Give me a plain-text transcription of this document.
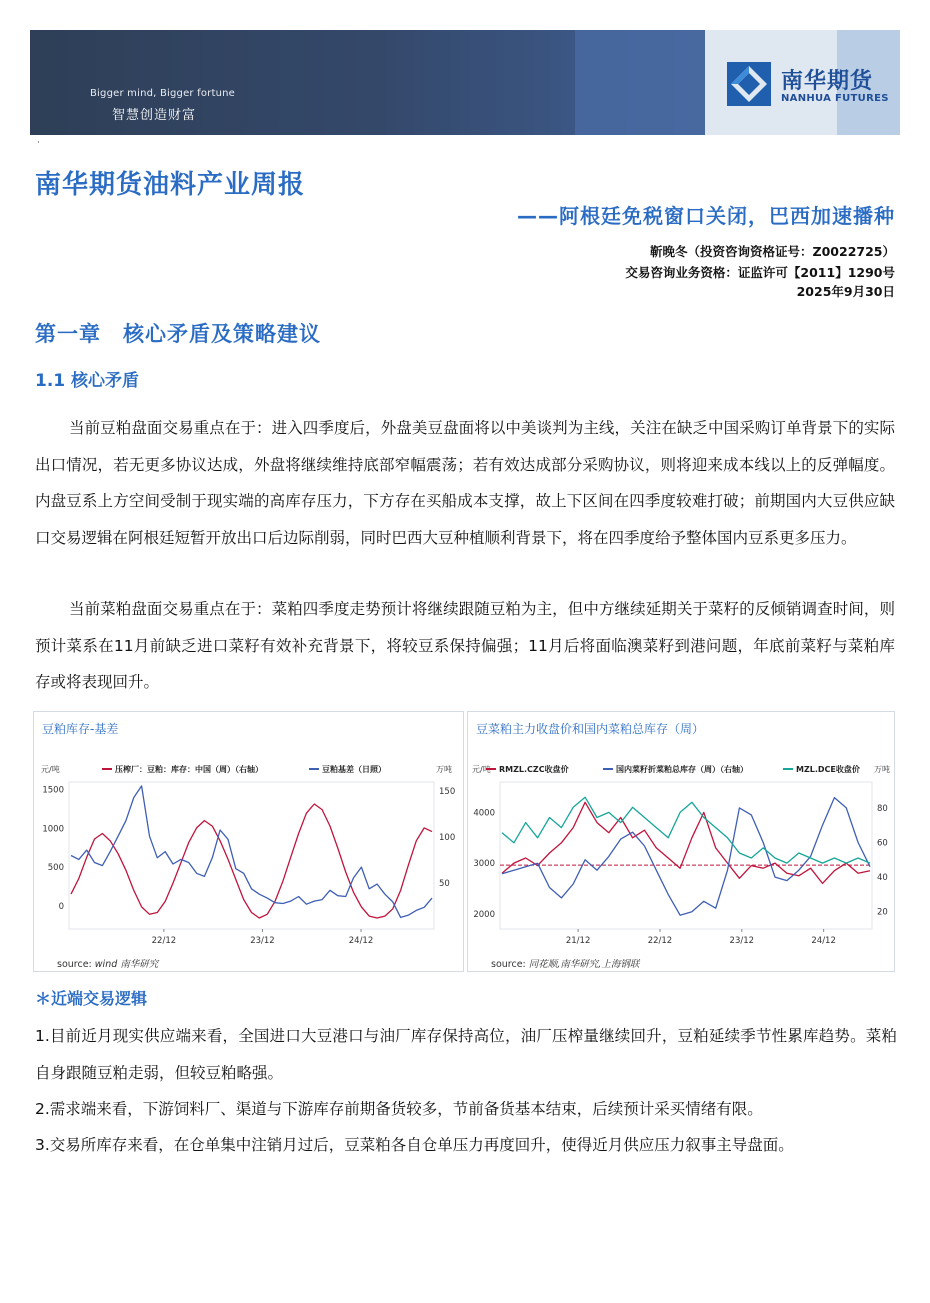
Bigger mind, Bigger fortune
智慧创造财富
南华期货
NANHUA FUTURES
·
南华期货油料产业周报
——阿根廷免税窗口关闭，巴西加速播种
靳晚冬（投资咨询资格证号：Z0022725）
交易咨询业务资格：证监许可【2011】1290号
2025年9月30日
第一章　核心矛盾及策略建议
1.1 核心矛盾
当前豆粕盘面交易重点在于：进入四季度后，外盘美豆盘面将以中美谈判为主线，关注在缺乏中国采购订单背景下的实际出口情况，若无更多协议达成，外盘将继续维持底部窄幅震荡；若有效达成部分采购协议，则将迎来成本线以上的反弹幅度。内盘豆系上方空间受制于现实端的高库存压力，下方存在买船成本支撑，故上下区间在四季度较难打破；前期国内大豆供应缺口交易逻辑在阿根廷短暂开放出口后边际削弱，同时巴西大豆种植顺利背景下，将在四季度给予整体国内豆系更多压力。
当前菜粕盘面交易重点在于：菜粕四季度走势预计将继续跟随豆粕为主，但中方继续延期关于菜籽的反倾销调查时间，则预计菜系在11月前缺乏进口菜籽有效补充背景下，将较豆系保持偏强；11月后将面临澳菜籽到港问题，年底前菜籽与菜粕库存或将表现回升。
豆粕库存-基差
元/吨	万吨
1500
1000
500
0
150
100
50
22/12	23/12	24/12
压榨厂：豆粕：库存：中国（周）（右轴）	豆粕基差（日照）
source: wind 南华研究
豆菜粕主力收盘价和国内菜粕总库存（周）
元/吨	万吨
4000
3000
2000
80
60
40
20
21/12	22/12	23/12	24/12
RMZL.CZC收盘价	国内菜籽折菜粕总库存（周）（右轴）	MZL.DCE收盘价
source: 同花顺,南华研究,上海钢联
＊近端交易逻辑
1.目前近月现实供应端来看，全国进口大豆港口与油厂库存保持高位，油厂压榨量继续回升，豆粕延续季节性累库趋势。菜粕自身跟随豆粕走弱，但较豆粕略强。
2.需求端来看，下游饲料厂、渠道与下游库存前期备货较多，节前备货基本结束，后续预计采买情绪有限。
3.交易所库存来看，在仓单集中注销月过后，豆菜粕各自仓单压力再度回升，使得近月供应压力叙事主导盘面。
